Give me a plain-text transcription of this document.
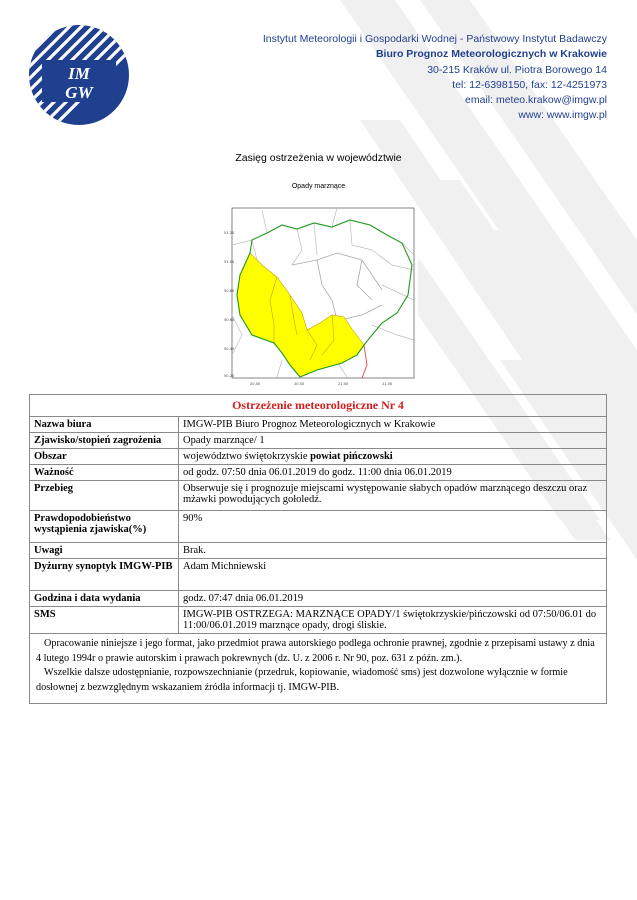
IM
GW
Instytut Meteorologii i Gospodarki Wodnej - Państwowy Instytut Badawczy
Biuro Prognoz Meteorologicznych w Krakowie
30-215 Kraków ul. Piotra Borowego 14
tel: 12-6398150, fax: 12-4251973
email: meteo.krakow@imgw.pl
www: www.imgw.pl
Zasięg ostrzeżenia w województwie
Opady marznące
51.20
51.00
50.80
50.60
50.40
50.20
20.00	20.50	21.00	21.50
Ostrzeżenie meteorologiczne Nr 4	
Nazwa biura	IMGW-PIB Biuro Prognoz Meteorologicznych w Krakowie
Zjawisko/stopień zagrożenia	Opady marznące/ 1
Obszar	województwo świętokrzyskie powiat pińczowski
Ważność	od godz. 07:50 dnia 06.01.2019 do godz. 11:00 dnia 06.01.2019
Przebieg	Obserwuje się i prognozuje miejscami występowanie słabych opadów marznącego deszczu oraz mżawki powodujących gołoledź.
Prawdopodobieństwo wystąpienia zjawiska(%)	90%
Uwagi	Brak.
Dyżurny synoptyk IMGW-PIB	Adam Michniewski
Godzina i data wydania	godz. 07:47 dnia 06.01.2019
SMS	IMGW-PIB OSTRZEGA: MARZNĄCE OPADY/1 świętokrzyskie/pińczowski od 07:50/06.01 do 11:00/06.01.2019 marznące opady, drogi śliskie.

Opracowanie niniejsze i jego format, jako przedmiot prawa autorskiego podlega ochronie prawnej, zgodnie z przepisami ustawy z dnia 4 lutego 1994r o prawie autorskim i prawach pokrewnych (dz. U. z 2006 r. Nr 90, poz. 631 z późn. zm.).

Wszelkie dalsze udostępnianie, rozpowszechnianie (przedruk, kopiowanie, wiadomość sms) jest dozwolone wyłącznie w formie dosłownej z bezwzględnym wskazaniem źródła informacji tj. IMGW-PIB.	
